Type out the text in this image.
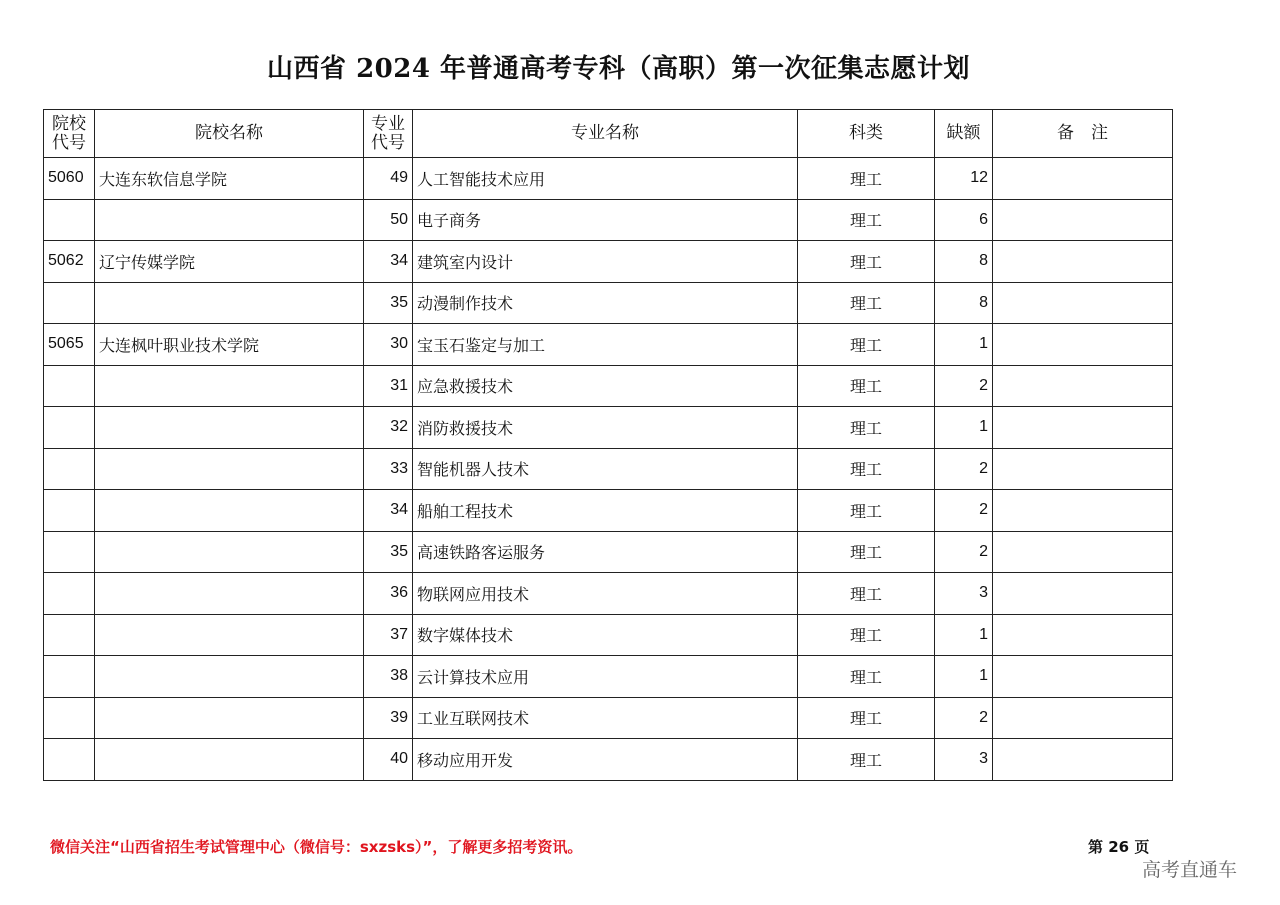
山西省 2024 年普通高考专科（高职）第一次征集志愿计划
院校代号	院校名称	专业代号	专业名称	科类	缺额	备　注
5060	大连东软信息学院	49	人工智能技术应用	理工	12	
		50	电子商务	理工	6	
5062	辽宁传媒学院	34	建筑室内设计	理工	8	
		35	动漫制作技术	理工	8	
5065	大连枫叶职业技术学院	30	宝玉石鉴定与加工	理工	1	
		31	应急救援技术	理工	2	
		32	消防救援技术	理工	1	
		33	智能机器人技术	理工	2	
		34	船舶工程技术	理工	2	
		35	高速铁路客运服务	理工	2	
		36	物联网应用技术	理工	3	
		37	数字媒体技术	理工	1	
		38	云计算技术应用	理工	1	
		39	工业互联网技术	理工	2	
		40	移动应用开发	理工	3	
微信关注“山西省招生考试管理中心（微信号：sxzsks）”，了解更多招考资讯。	第 26 页
高考直通车
